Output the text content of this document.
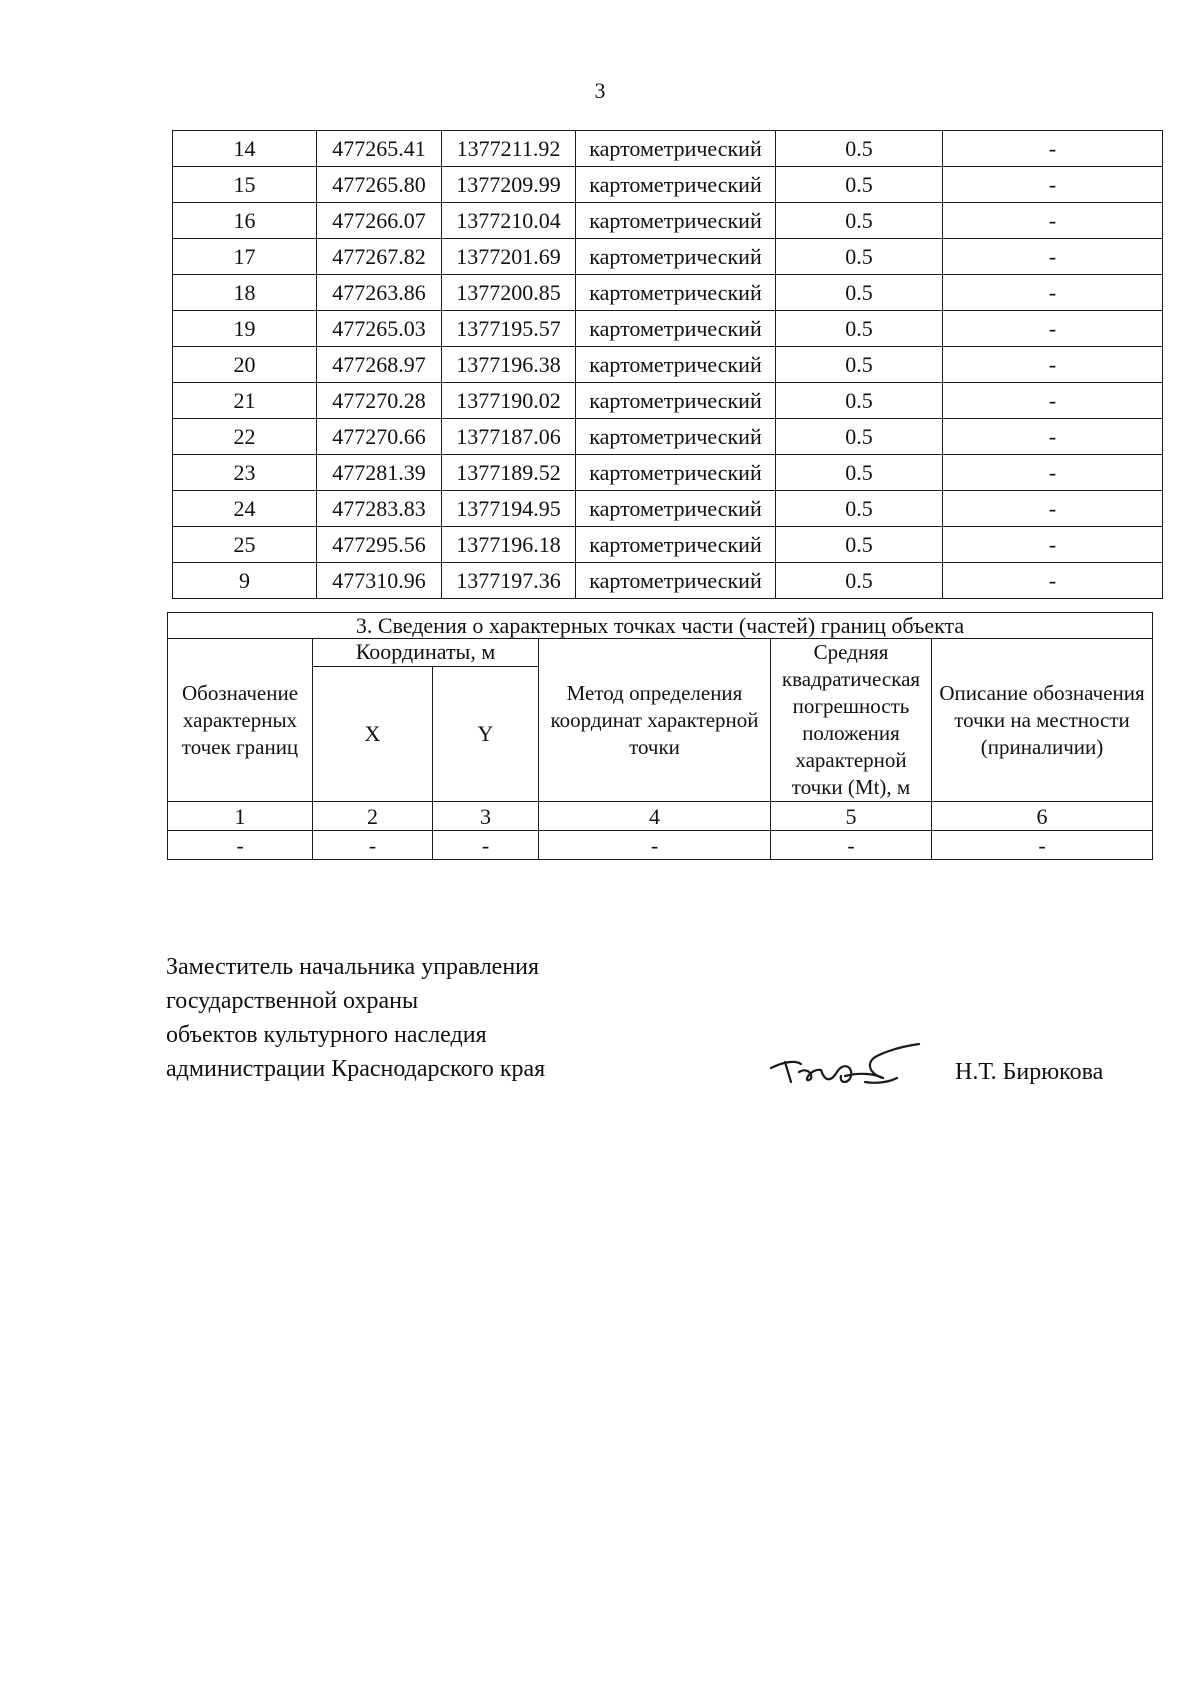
3
14	477265.41	1377211.92	картометрический	0.5	-
15	477265.80	1377209.99	картометрический	0.5	-
16	477266.07	1377210.04	картометрический	0.5	-
17	477267.82	1377201.69	картометрический	0.5	-
18	477263.86	1377200.85	картометрический	0.5	-
19	477265.03	1377195.57	картометрический	0.5	-
20	477268.97	1377196.38	картометрический	0.5	-
21	477270.28	1377190.02	картометрический	0.5	-
22	477270.66	1377187.06	картометрический	0.5	-
23	477281.39	1377189.52	картометрический	0.5	-
24	477283.83	1377194.95	картометрический	0.5	-
25	477295.56	1377196.18	картометрический	0.5	-
9	477310.96	1377197.36	картометрический	0.5	-
3. Сведения о характерных точках части (частей) границ объекта					
Обозначение характерных точек границ	Координаты, м		Метод определения координат характерной точки	Средняя квадратическая погрешность положения характерной точки (Mt), м	Описание обозначения точки на местности (приналичии)
	X	Y			
1	2	3	4	5	6
-	-	-	-	-	-
Заместитель начальника управления
государственной охраны
объектов культурного наследия
администрации Краснодарского края	Н.Т. Бирюкова
